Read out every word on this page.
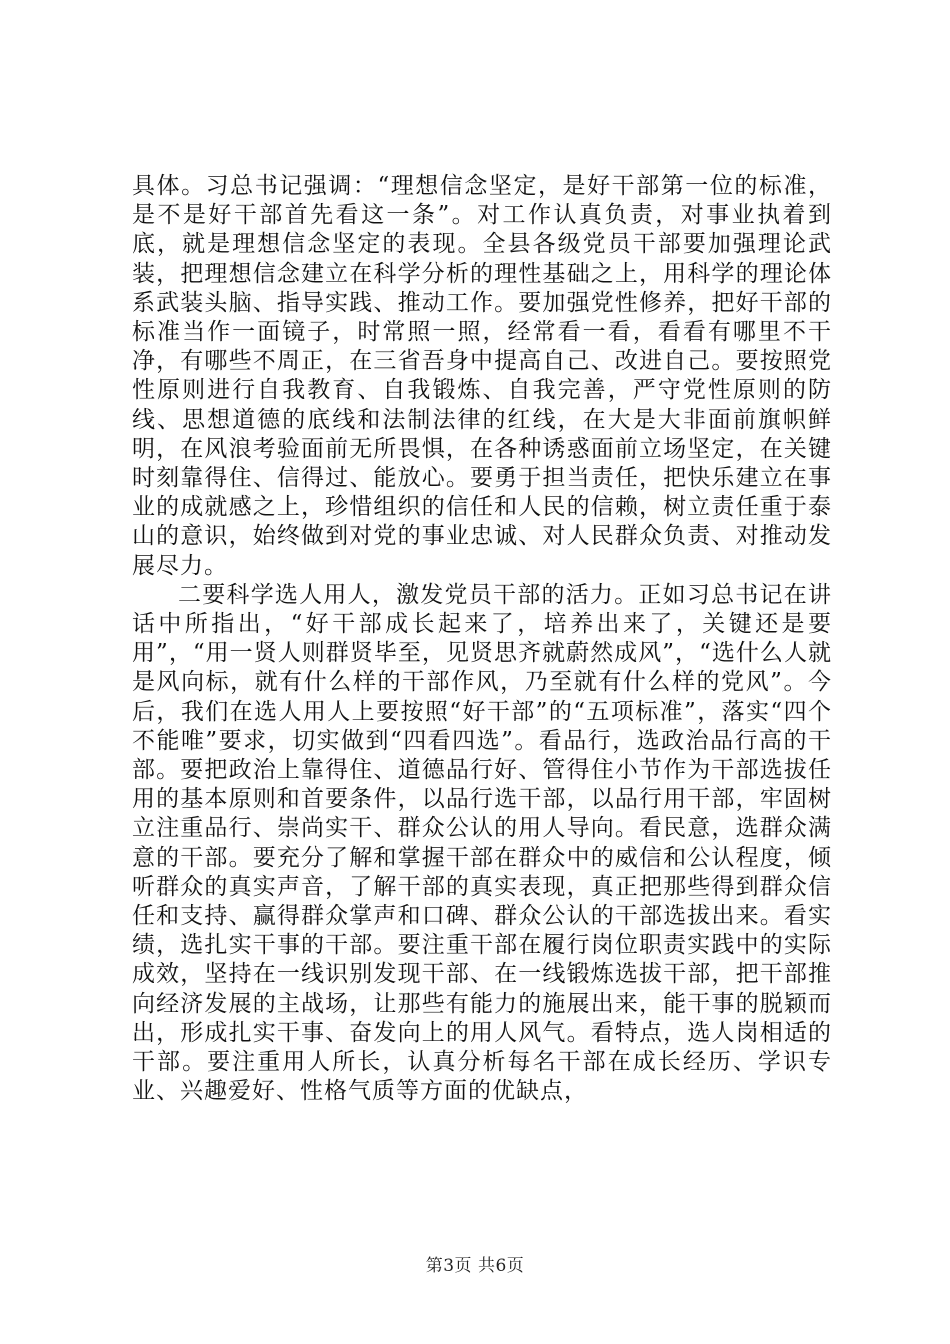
具体。习总书记强调：“理想信念坚定，是好干部第一位的标准，是不是好干部首先看这一条”。对工作认真负责，对事业执着到底，就是理想信念坚定的表现。全县各级党员干部要加强理论武装，把理想信念建立在科学分析的理性基础之上，用科学的理论体系武装头脑、指导实践、推动工作。要加强党性修养，把好干部的标准当作一面镜子，时常照一照，经常看一看，看看有哪里不干净，有哪些不周正，在三省吾身中提高自己、改进自己。要按照党性原则进行自我教育、自我锻炼、自我完善，严守党性原则的防线、思想道德的底线和法制法律的红线，在大是大非面前旗帜鲜明，在风浪考验面前无所畏惧，在各种诱惑面前立场坚定，在关键时刻靠得住、信得过、能放心。要勇于担当责任，把快乐建立在事业的成就感之上，珍惜组织的信任和人民的信赖，树立责任重于泰山的意识，始终做到对党的事业忠诚、对人民群众负责、对推动发展尽力。

二要科学选人用人，激发党员干部的活力。正如习总书记在讲话中所指出，“好干部成长起来了，培养出来了，关键还是要用”，“用一贤人则群贤毕至，见贤思齐就蔚然成风”，“选什么人就是风向标，就有什么样的干部作风，乃至就有什么样的党风”。今后，我们在选人用人上要按照“好干部”的“五项标准”，落实“四个不能唯”要求，切实做到“四看四选”。看品行，选政治品行高的干部。要把政治上靠得住、道德品行好、管得住小节作为干部选拔任用的基本原则和首要条件，以品行选干部，以品行用干部，牢固树立注重品行、崇尚实干、群众公认的用人导向。看民意，选群众满意的干部。要充分了解和掌握干部在群众中的威信和公认程度，倾听群众的真实声音，了解干部的真实表现，真正把那些得到群众信任和支持、赢得群众掌声和口碑、群众公认的干部选拔出来。看实绩，选扎实干事的干部。要注重干部在履行岗位职责实践中的实际成效，坚持在一线识别发现干部、在一线锻炼选拔干部，把干部推向经济发展的主战场，让那些有能力的施展出来，能干事的脱颖而出，形成扎实干事、奋发向上的用人风气。看特点，选人岗相适的干部。要注重用人所长，认真分析每名干部在成长经历、学识专业、兴趣爱好、性格气质等方面的优缺点，

第3页 共6页
